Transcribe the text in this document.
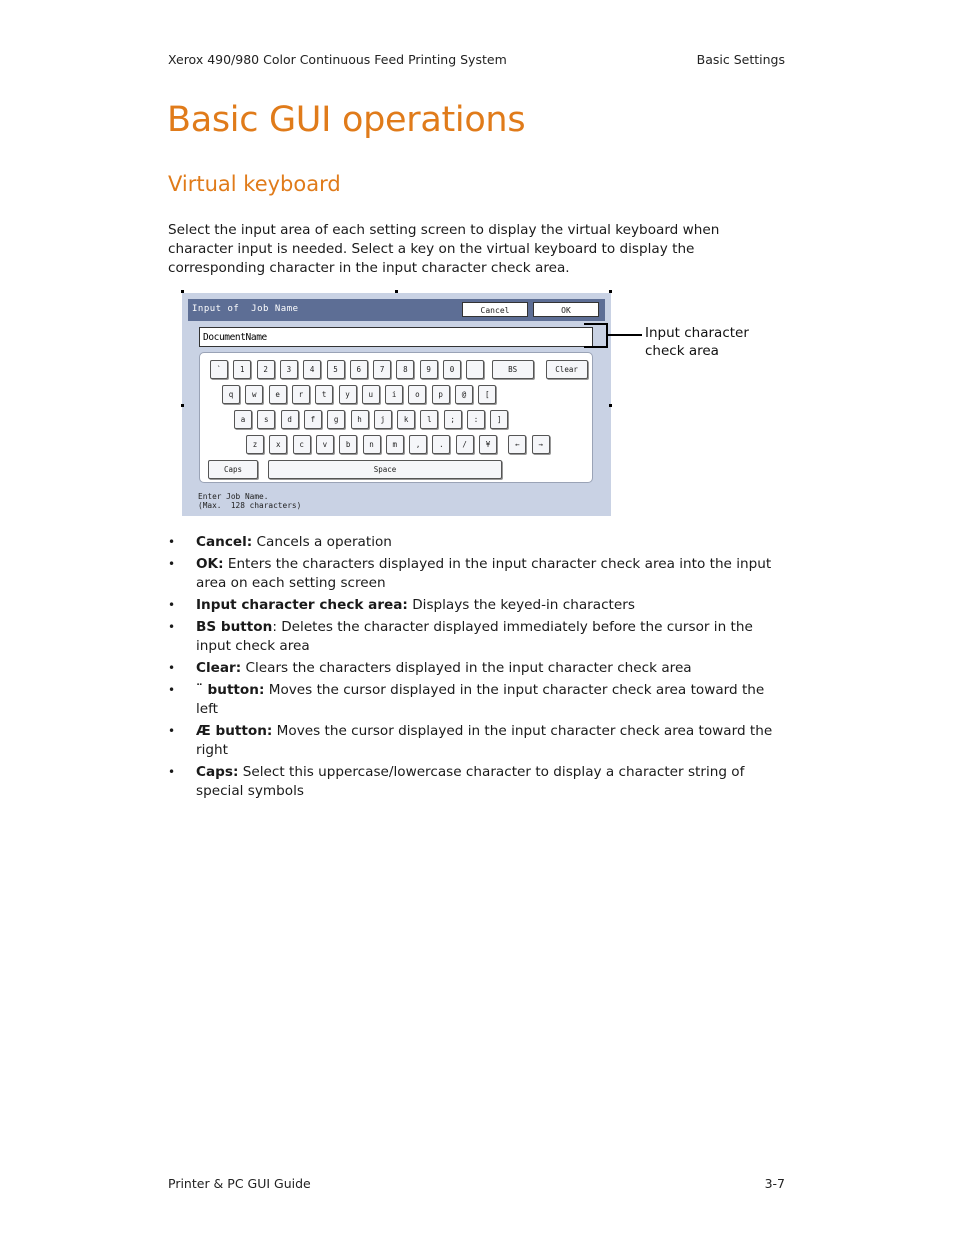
Xerox 490/980 Color Continuous Feed Printing System	Basic Settings
Basic GUI operations
Virtual keyboard

Select the input area of each setting screen to display the virtual keyboard when character input is needed. Select a key on the virtual keyboard to display the corresponding character in the input character check area.

Input of  Job Name	Cancel	OK
DocumentName
Caps	Space
`	1	2	3	4	5	6	7	8	9	0	BS	Clear
q	w	e	r	t	y	u	i	o	p	@	[
a	s	d	f	g	h	j	k	l	;	:	]
z	x	c	v	b	n	m	,	.	/	¥	←	→
Enter Job Name.
(Max.  128 characters)
Input character
check area
• Cancel: Cancels a operation
• OK: Enters the characters displayed in the input character check area into the input area on each setting screen
• Input character check area: Displays the keyed-in characters
• BS button: Deletes the character displayed immediately before the cursor in the input check area
• Clear: Clears the characters displayed in the input character check area
• ¨ button: Moves the cursor displayed in the input character check area toward the left
• Æ button: Moves the cursor displayed in the input character check area toward the right
• Caps: Select this uppercase/lowercase character to display a character string of special symbols
Printer & PC GUI Guide	3-7
